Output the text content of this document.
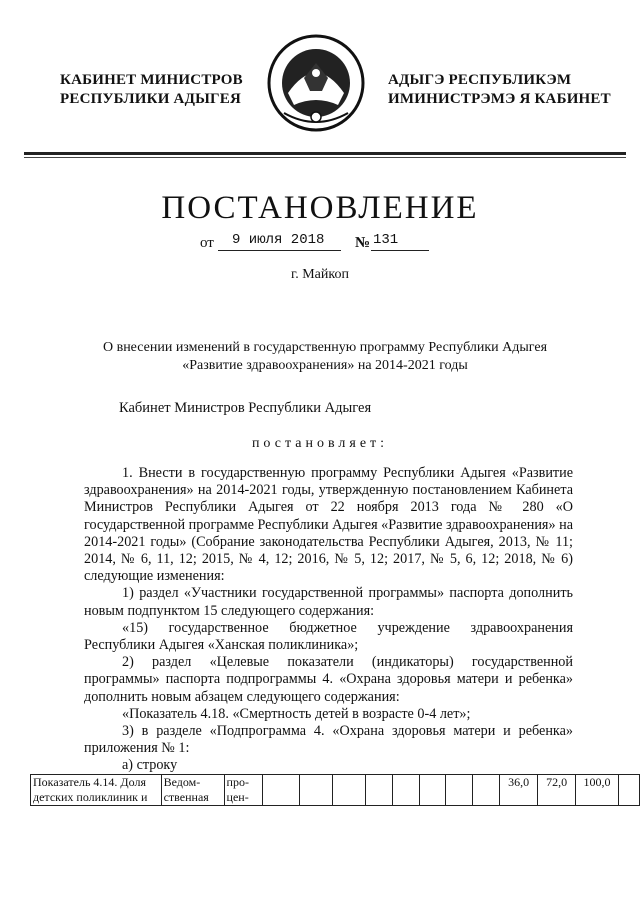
КАБИНЕТ МИНИСТРОВ
РЕСПУБЛИКИ АДЫГЕЯ
АДЫГЭ РЕСПУБЛИКЭМ
ИМИНИСТРЭМЭ Я КАБИНЕТ
ПОСТАНОВЛЕНИЕ
от 9 июля 2018 № 131
г. Майкоп
О внесении изменений в государственную программу Республики Адыгея
«Развитие здравоохранения» на 2014-2021 годы
Кабинет Министров Республики Адыгея
постановляет:

1. Внести в государственную программу Республики Адыгея «Развитие здравоохранения» на 2014-2021 годы, утвержденную постановлением Кабинета Министров Республики Адыгея от 22 ноября 2013 года № 280 «О государственной программе Республики Адыгея «Развитие здравоохранения» на 2014-2021 годы» (Собрание законодательства Республики Адыгея, 2013, № 11; 2014, № 6, 11, 12; 2015, № 4, 12; 2016, № 5, 12; 2017, № 5, 6, 12; 2018, № 6) следующие изменения:

1) раздел «Участники государственной программы» паспорта дополнить новым подпунктом 15 следующего содержания:

«15) государственное бюджетное учреждение здравоохранения Республики Адыгея «Ханская поликлиника»;

2) раздел «Целевые показатели (индикаторы) государственной программы» паспорта подпрограммы 4. «Охрана здоровья матери и ребенка» дополнить новым абзацем следующего содержания:

«Показатель 4.18. «Смертность детей в возрасте 0-4 лет»;

3) в разделе «Подпрограмма 4. «Охрана здоровья матери и ребенка» приложения № 1:

а) строку

Показатель 4.14. Доля детских поликлиник и	Ведом-ственная	про-цен-									36,0	72,0	100,0	
